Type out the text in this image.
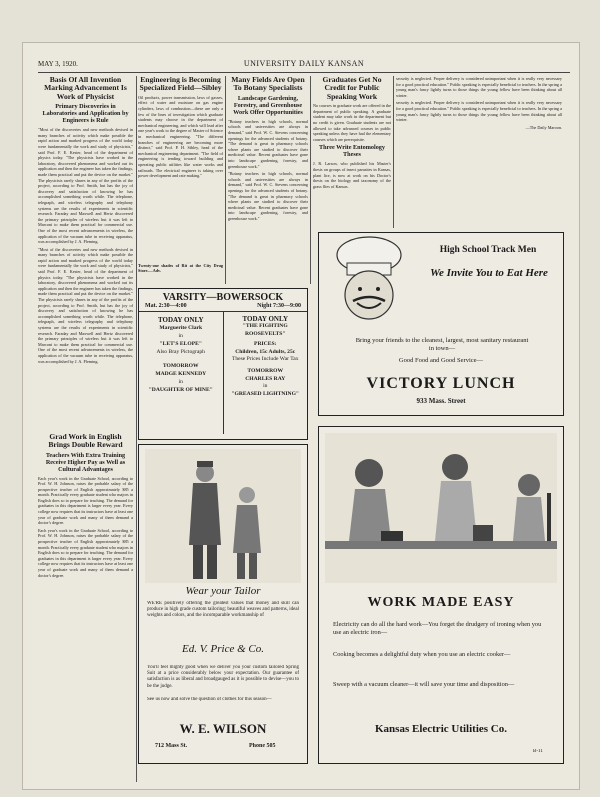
MAY 3, 1920.	UNIVERSITY DAILY KANSAN
Basis Of All Invention Marking Advancement Is Work of Physicist
Primary Discoveries in Laboratories and Application by Engineers is Rule
"Most of the discoveries and new methods devised in many branches of activity which make possible the rapid action and marked progress of the world today were fundamentally the work and study of physicists," said Prof. F. E. Kester, head of the department of physics today. "The physicists have worked in the laboratory, discovered phenomena and worked out its application and then the engineer has taken the findings, made them practical and put the device on the market." The physicists rarely shares in any of the profits of the project, according to Prof. Smith, but has the joy of discovery and satisfaction of knowing he has accomplished something worth while. The telephone, telegraph, and wireless telegraphy and telephony systems are the results of experiments in scientific research. Faraday and Maxwell and Hertz discovered the primary principles of wireless but it was left to Marconi to make them practical for commercial use. One of the most recent advancements in wireless, the application of the vacuum tube in receiving apparatus, was accomplished by J. A. Fleming.
"Most of the discoveries and new methods devised in many branches of activity which make possible the rapid action and marked progress of the world today were fundamentally the work and study of physicists," said Prof. F. E. Kester, head of the department of physics today. "The physicists have worked in the laboratory, discovered phenomena and worked out its application and then the engineer has taken the findings, made them practical and put the device on the market." The physicists rarely shares in any of the profits of the project, according to Prof. Smith, but has the joy of discovery and satisfaction of knowing he has accomplished something worth while. The telephone, telegraph, and wireless telegraphy and telephony systems are the results of experiments in scientific research. Faraday and Maxwell and Hertz discovered the primary principles of wireless but it was left to Marconi to make them practical for commercial use. One of the most recent advancements in wireless, the application of the vacuum tube in receiving apparatus, was accomplished by J. A. Fleming.
Grad Work in English Brings Double Reward
Teachers With Extra Training Receive Higher Pay as Well as Cultural Advantages
Each year's work in the Graduate School, according to Prof. W. H. Johnson, raises the probable salary of the prospective teacher of English approximately $85 a month. Practically every graduate student who majors in English does so to prepare for teaching. The demand for graduates in this department is larger every year. Every college now requires that its instructors have at least one year of graduate work and many of them demand a doctor's degree.
Each year's work in the Graduate School, according to Prof. W. H. Johnson, raises the probable salary of the prospective teacher of English approximately $85 a month. Practically every graduate student who majors in English does so to prepare for teaching. The demand for graduates in this department is larger every year. Every college now requires that its instructors have at least one year of graduate work and many of them demand a doctor's degree.
Engineering is Becoming Specialized Field—Sibley
Oil products, power transmission, laws of gasses, effect of water and moisture on gas engine cylinders, laws of combustion—these are only a few of the lines of investigation which graduate students may choose in the department of mechanical engineering, and which will lead after one year's work to the degree of Master of Science in mechanical engineering. "The different branches of engineering are becoming more distinct," said Prof. P. H. Sibley, head of the mechanical engineering department. "The field of engineering is tending toward building and operating public utilities like water works and railroads. The electrical engineer is taking over power development and rate making."
Twenty-one shades of Rit at the City Drug Store.—Adv.
Many Fields Are Open To Botany Specialists
Landscape Gardening, Forestry, and Greenhouse Work Offer Opportunities
"Botany teachers in high schools, normal schools and universities are always in demand," said Prof. W. C. Stevens concerning openings for the advanced students of botany. "The demand is great in pharmacy schools where plants are studied to discover their medicinal value. Recent graduates have gone into landscape gardening, forestry, and greenhouse work."
"Botany teachers in high schools, normal schools and universities are always in demand," said Prof. W. C. Stevens concerning openings for the advanced students of botany. "The demand is great in pharmacy schools where plants are studied to discover their medicinal value. Recent graduates have gone into landscape gardening, forestry, and greenhouse work."
Graduates Get No Credit for Public Speaking Work
No courses in graduate work are offered in the department of public speaking. A graduate student may take work in the department but no credit is given. Graduate students are not allowed to take advanced courses in public speaking unless they have had the elementary courses which are prerequisite.
Three Write Entomology Theses
J. R. Larson, who published his Master's thesis on groups of insect parasites in Kansas, plant lice, is now at work on his Doctor's thesis on the biology and taxonomy of the grass flies of Kansas.
security is neglected. Proper delivery is considered unimportant when it is really very necessary for a good practical education." Public speaking is especially beneficial to teachers. In the spring a young man's fancy lightly turns to those things the young fellow have been thinking about all winter.
security is neglected. Proper delivery is considered unimportant when it is really very necessary for a good practical education." Public speaking is especially beneficial to teachers. In the spring a young man's fancy lightly turns to those things the young fellow have been thinking about all winter.
—The Daily Maroon.
VARSITY—BOWERSOCK
Mat. 2:30—4:00	Night 7:30—9:00
TODAY ONLY
Marguerite Clark
in
"LET'S ELOPE"
Also Bray Pictograph
TOMORROW
MADGE KENNEDY
in
"DAUGHTER OF MINE"
TODAY ONLY
"THE FIGHTING ROOSEVELTS"
PRICES:
Children, 15c Adults, 25c
These Prices Include War Tax
TOMORROW
CHARLES RAY
in
"GREASED LIGHTNING"
Wear your Tailor
WE'RE positively offering the greatest values that money and skill can produce in high grade custom tailoring; beautiful weaves and patterns, ideal weights and colors, and the incomparable workmanship of
Ed. V. Price & Co.
You'll feel mighty good when we deliver you your custom tailored Spring Suit at a price considerably below your expectation. Our guarantee of satisfaction is as liberal and broadgauged as it is possible to devise—you to be the judge.
See us now and solve the question of clothes for this season—
W. E. WILSON
712 Mass St.	Phone 505
High School Track Men
We Invite You to Eat Here
Bring your friends to the cleanest, largest, most sanitary restaurant in town—
Good Food and Good Service—
VICTORY LUNCH
933 Mass. Street
WORK MADE EASY
Electricity can do all the hard work—You forget the drudgery of ironing when you use an electric iron—
Cooking becomes a delightful duty when you use an electric cooker—
Sweep with a vacuum cleaner—it will save your time and disposition—
Kansas Electric Utilities Co.
B-11
